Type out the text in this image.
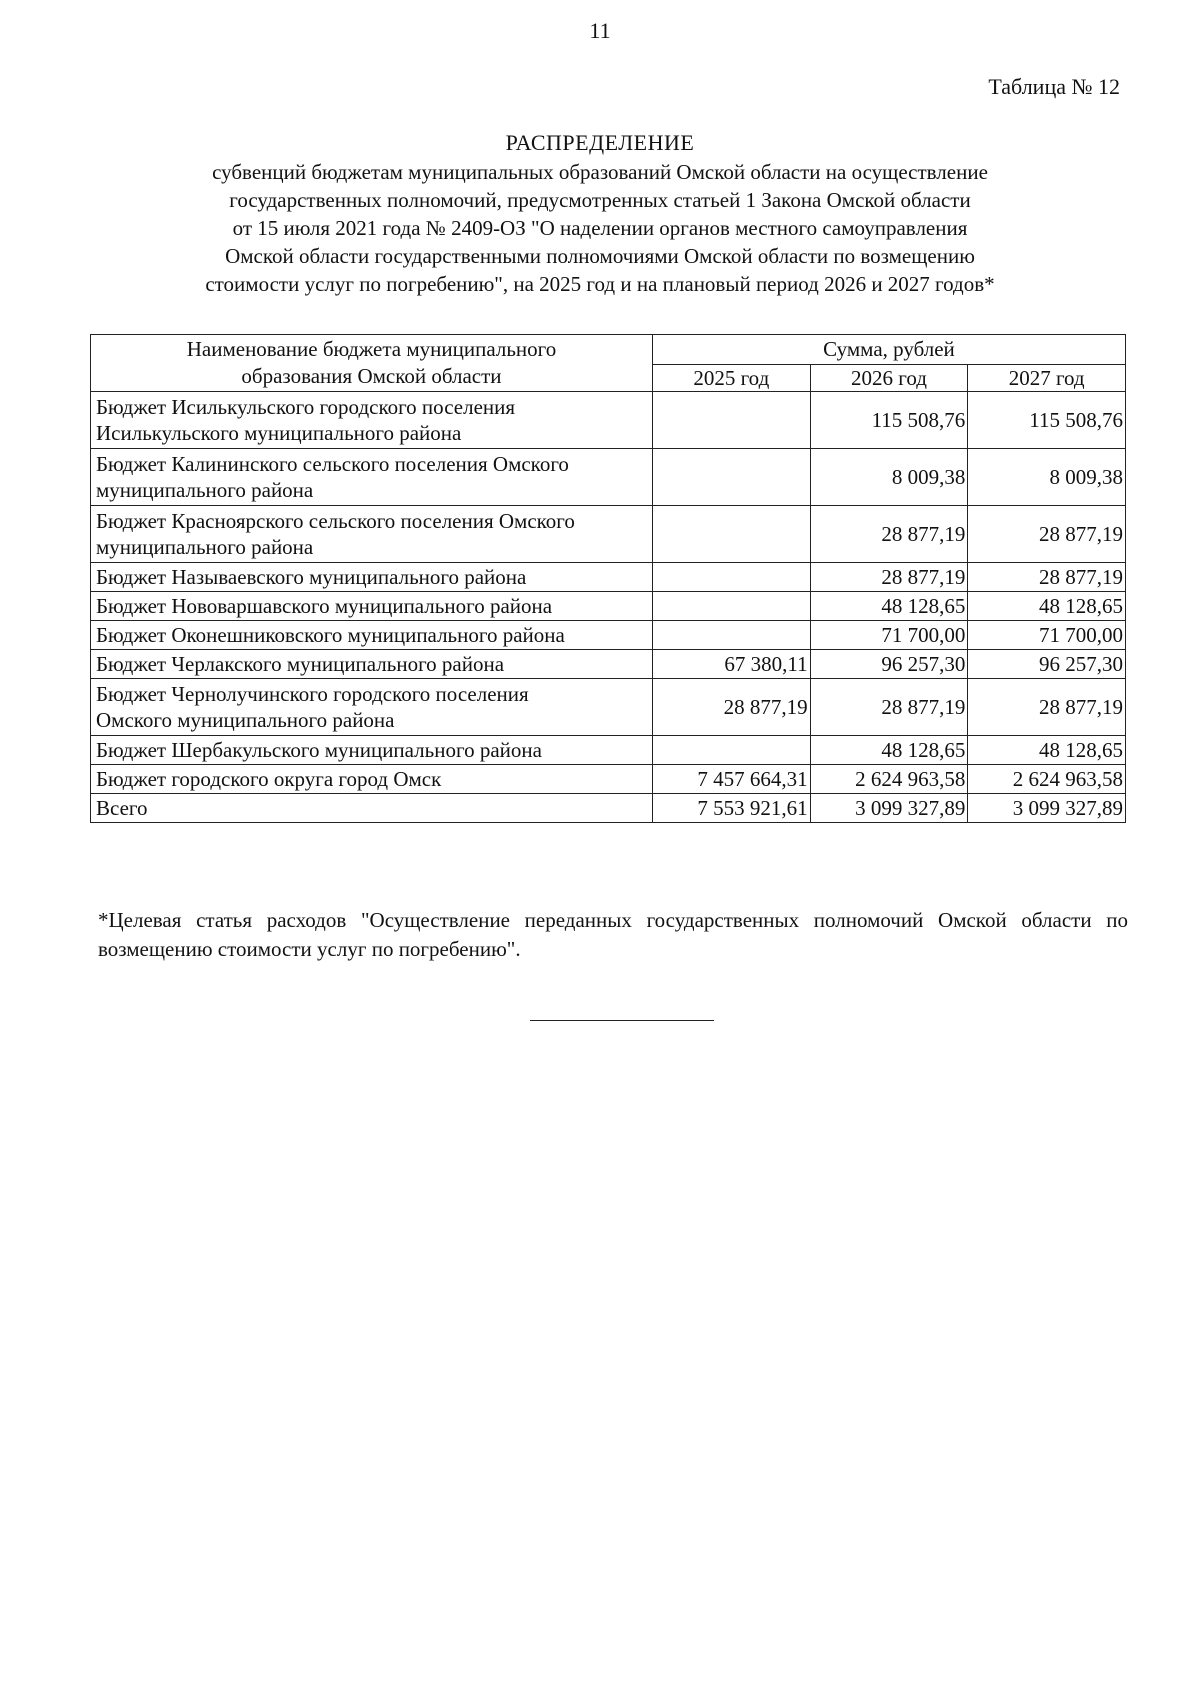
11
Таблица № 12
РАСПРЕДЕЛЕНИЕ
субвенций бюджетам муниципальных образований Омской области на осуществление
государственных полномочий, предусмотренных статьей 1 Закона Омской области
от 15 июля 2021 года № 2409-ОЗ "О наделении органов местного самоуправления
Омской области государственными полномочиями Омской области по возмещению
стоимости услуг по погребению", на 2025 год и на плановый период 2026 и 2027 годов*
Наименование бюджета муниципального
образования Омской области	Сумма, рублей		
	2025 год	2026 год	2027 год

Бюджет Исилькульского городского поселения
Исилькульского муниципального района		115 508,76	115 508,76

Бюджет Калининского сельского поселения Омского
муниципального района		8 009,38	8 009,38

Бюджет Красноярского сельского поселения Омского
муниципального района		28 877,19	28 877,19

Бюджет Называевского муниципального района		28 877,19	28 877,19

Бюджет Нововаршавского муниципального района		48 128,65	48 128,65

Бюджет Оконешниковского муниципального района		71 700,00	71 700,00

Бюджет Черлакского муниципального района	67 380,11	96 257,30	96 257,30

Бюджет Чернолучинского городского поселения
Омского муниципального района	28 877,19	28 877,19	28 877,19

Бюджет Шербакульского муниципального района		48 128,65	48 128,65

Бюджет городского округа город Омск	7 457 664,31	2 624 963,58	2 624 963,58

Всего	7 553 921,61	3 099 327,89	3 099 327,89
*Целевая статья расходов "Осуществление переданных государственных полномочий Омской области по возмещению стоимости услуг по погребению".
